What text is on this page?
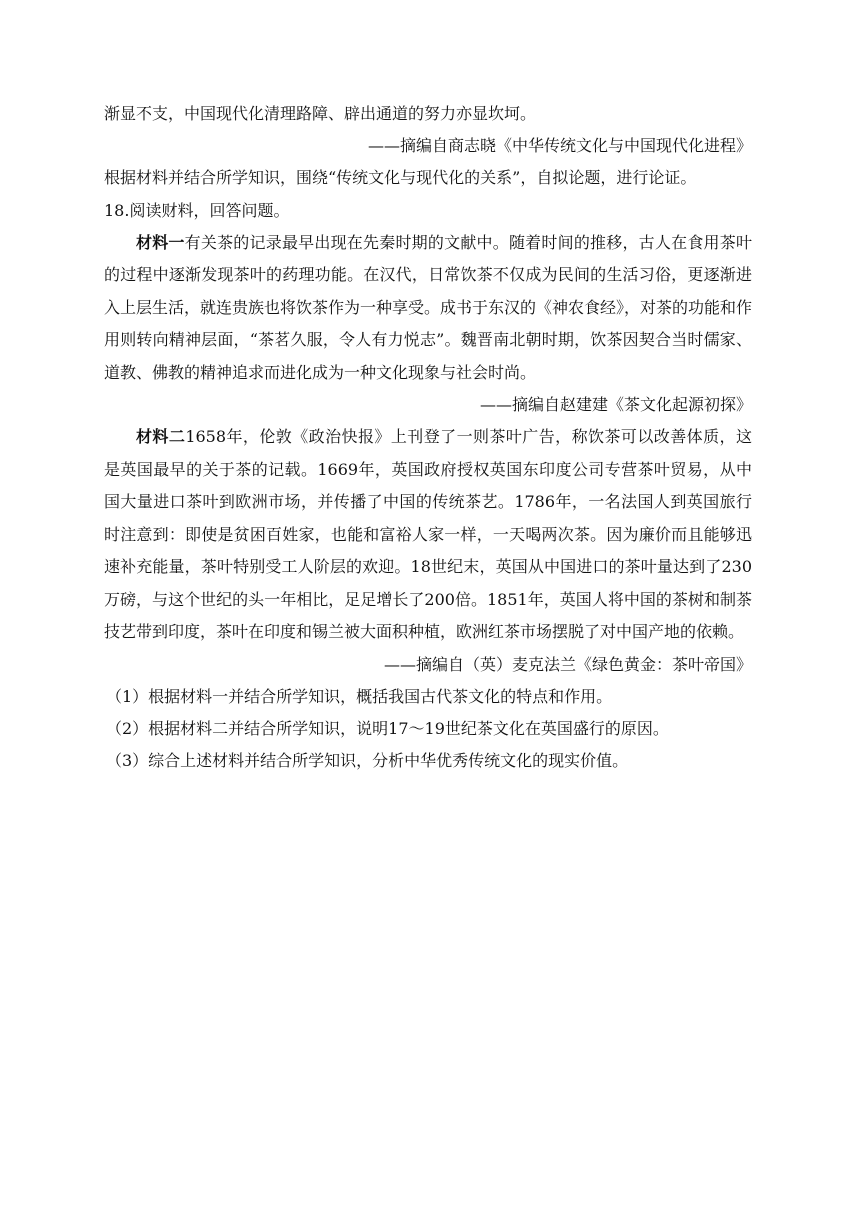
渐显不支，中国现代化清理路障、辟出通道的努力亦显坎坷。
——摘编自商志晓《中华传统文化与中国现代化进程》
根据材料并结合所学知识，围绕“传统文化与现代化的关系”，自拟论题，进行论证。
18.阅读财料，回答问题。
材料一有关茶的记录最早出现在先秦时期的文献中。随着时间的推移，古人在食用茶叶的过程中逐渐发现茶叶的药理功能。在汉代，日常饮茶不仅成为民间的生活习俗，更逐渐进入上层生活，就连贵族也将饮茶作为一种享受。成书于东汉的《神农食经》，对茶的功能和作用则转向精神层面，“茶茗久服，令人有力悦志”。魏晋南北朝时期，饮茶因契合当时儒家、道教、佛教的精神追求而进化成为一种文化现象与社会时尚。
——摘编自赵建建《茶文化起源初探》
材料二1658年，伦敦《政治快报》上刊登了一则茶叶广告，称饮茶可以改善体质，这是英国最早的关于茶的记载。1669年，英国政府授权英国东印度公司专营茶叶贸易，从中国大量进口茶叶到欧洲市场，并传播了中国的传统茶艺。1786年，一名法国人到英国旅行时注意到：即使是贫困百姓家，也能和富裕人家一样，一天喝两次茶。因为廉价而且能够迅速补充能量，茶叶特别受工人阶层的欢迎。18世纪末，英国从中国进口的茶叶量达到了230万磅，与这个世纪的头一年相比，足足增长了200倍。1851年，英国人将中国的茶树和制茶技艺带到印度，茶叶在印度和锡兰被大面积种植，欧洲红茶市场摆脱了对中国产地的依赖。
——摘编自（英）麦克法兰《绿色黄金：茶叶帝国》
（1）根据材料一并结合所学知识，概括我国古代茶文化的特点和作用。
（2）根据材料二并结合所学知识，说明17～19世纪茶文化在英国盛行的原因。
（3）综合上述材料并结合所学知识，分析中华优秀传统文化的现实价值。
